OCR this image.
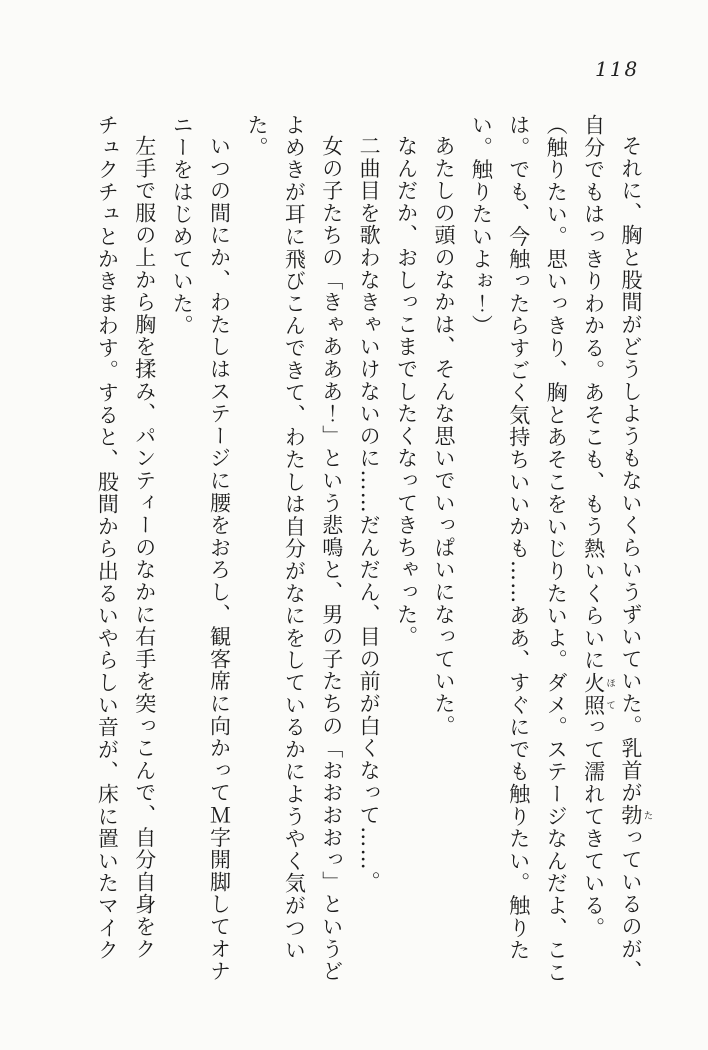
118

それに、胸と股間がどうしようもないくらいうずいていた。乳首が勃たっているのが、自分でもはっきりわかる。あそこも、もう熱いくらいに火照ほてって濡れてきている。

（触りたい。思いっきり、胸とあそこをいじりたいよ。ダメ。ステージなんだよ、ここは。でも、今触ったらすごく気持ちいいかも……ああ、すぐにでも触りたい。触りたい。触りたいよぉ！）

あたしの頭のなかは、そんな思いでいっぱいになっていた。

なんだか、おしっこまでしたくなってきちゃった。

二曲目を歌わなきゃいけないのに……だんだん、目の前が白くなって……。

女の子たちの「きゃあああ！」という悲鳴と、男の子たちの「おおおおっ」というどよめきが耳に飛びこんできて、わたしは自分がなにをしているかにようやく気がついた。

いつの間にか、わたしはステージに腰をおろし、観客席に向かってＭ字開脚してオナニーをはじめていた。

左手で服の上から胸を揉み、パンティーのなかに右手を突っこんで、自分自身をクチュクチュとかきまわす。すると、股間から出るいやらしい音が、床に置いたマイク
